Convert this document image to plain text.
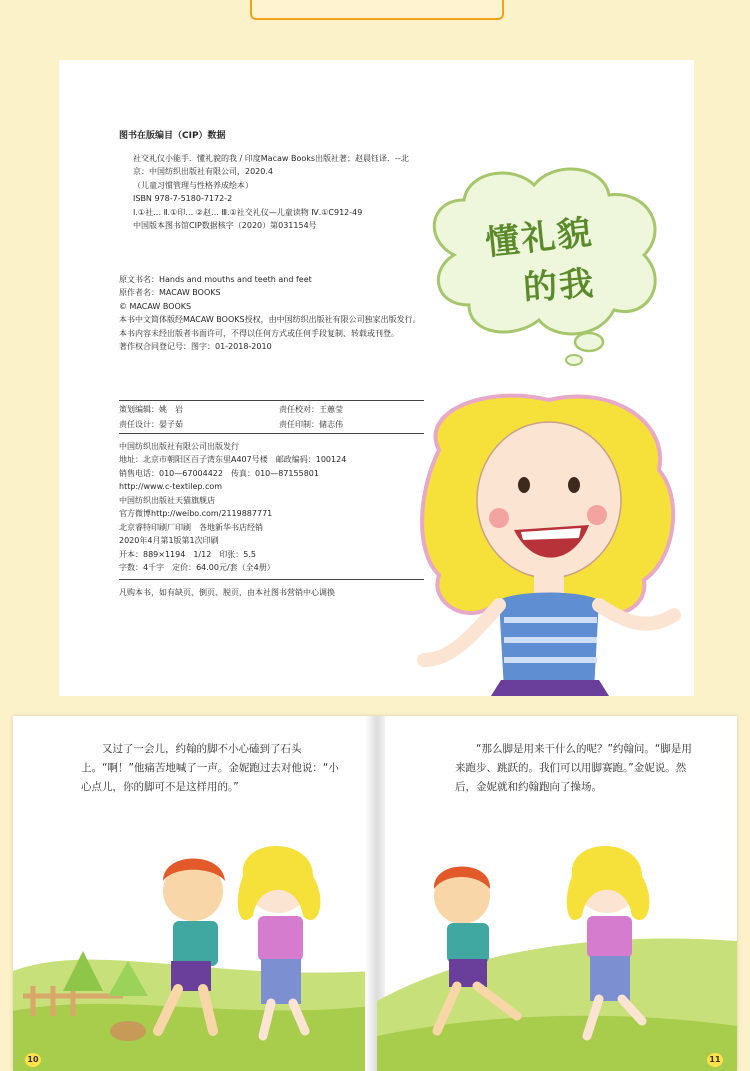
图书在版编目（CIP）数据

社交礼仪小能手．懂礼貌的我 / 印度Macaw Books出版社著；赵晨钰译．--北京：中国纺织出版社有限公司，2020.4

（儿童习惯管理与性格养成绘本）

ISBN 978-7-5180-7172-2

Ⅰ.①社… Ⅱ.①印… ②赵… Ⅲ.①社交礼仪—儿童读物 Ⅳ.①C912-49

中国版本图书馆CIP数据核字（2020）第031154号

原文书名：Hands and mouths and teeth and feet

原作者名：MACAW BOOKS

© MACAW BOOKS

本书中文简体版经MACAW BOOKS授权，由中国纺织出版社有限公司独家出版发行。本书内容未经出版者书面许可，不得以任何方式或任何手段复制、转载或刊登。

著作权合同登记号：图字：01-2018-2010

策划编辑：姚　岩	责任校对：王蕙莹
责任设计：晏子茹	责任印制：储志伟

中国纺织出版社有限公司出版发行

地址：北京市朝阳区百子湾东里A407号楼　邮政编码：100124

销售电话：010—67004422　传真：010—87155801

http://www.c-textilep.com

中国纺织出版社天猫旗舰店

官方微博http://weibo.com/2119887771

北京睿特印刷厂印刷　各地新华书店经销

2020年4月第1版第1次印刷

开本：889×1194　1/12　印张：5.5

字数：4千字　定价：64.00元/套（全4册）

凡购本书，如有缺页、倒页、脱页，由本社图书营销中心调换

懂礼貌
的我

又过了一会儿，约翰的脚不小心磕到了石头上。“啊！”他痛苦地喊了一声。金妮跑过去对他说：“小心点儿，你的脚可不是这样用的。”

“那么脚是用来干什么的呢？”约翰问。“脚是用来跑步、跳跃的。我们可以用脚赛跑。”金妮说。然后，金妮就和约翰跑向了操场。

10	11
